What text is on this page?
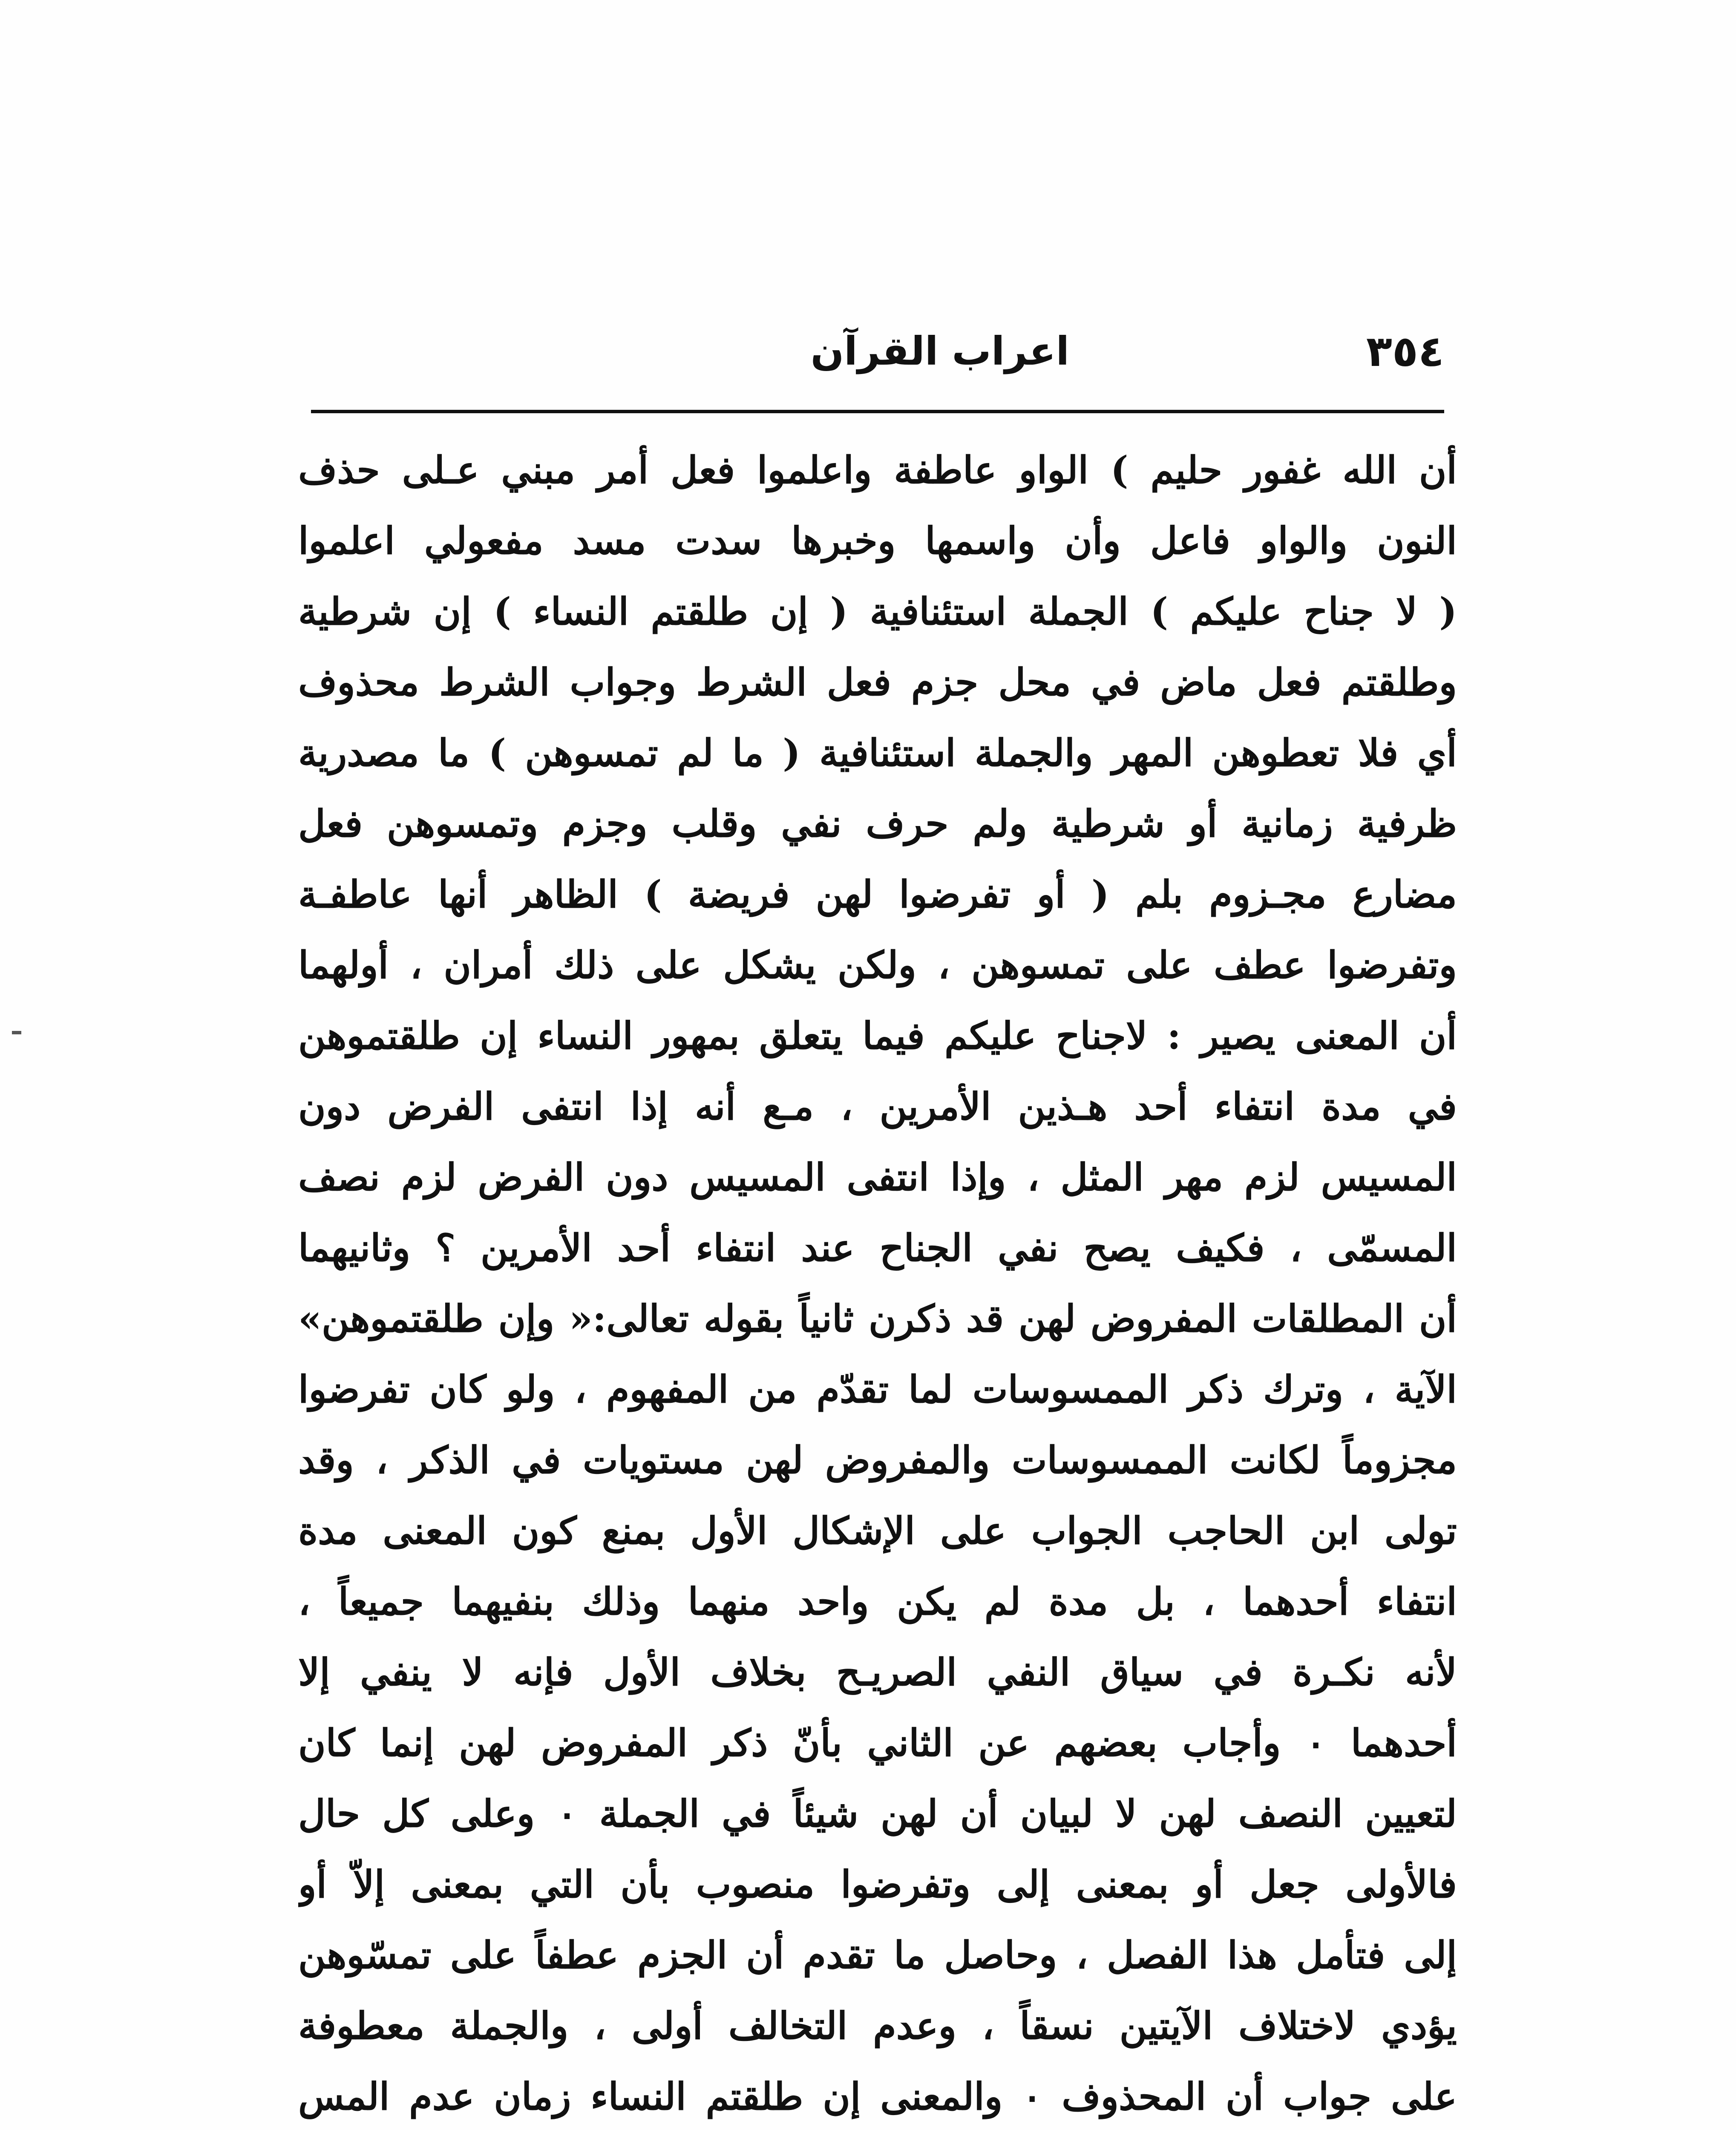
٣٥٤
اعراب القرآن
أن الله غفور حليم ) الواو عاطفة واعلموا فعل أمر مبني عـلى حذف
النون والواو فاعل وأن واسمها وخبرها سدت مسد مفعولي اعلموا
( لا جناح عليكم ) الجملة استئنافية ( إن طلقتم النساء ) إن شرطية
وطلقتم فعل ماض في محل جزم فعل الشرط وجواب الشرط محذوف
أي فلا تعطوهن المهر والجملة استئنافية ( ما لم تمسوهن ) ما مصدرية
ظرفية زمانية أو شرطية ولم حرف نفي وقلب وجزم وتمسوهن فعل
مضارع مجـزوم بلم ( أو تفرضوا لهن فريضة ) الظاهر أنها عاطفـة
وتفرضوا عطف على تمسوهن ، ولكن يشكل على ذلك أمران ، أولهما
أن المعنى يصير : لاجناح عليكم فيما يتعلق بمهور النساء إن طلقتموهن
في مدة انتفاء أحد هـذين الأمرين ، مـع أنه إذا انتفى الفرض دون
المسيس لزم مهر المثل ، وإذا انتفى المسيس دون الفرض لزم نصف
المسمّى ، فكيف يصح نفي الجناح عند انتفاء أحد الأمرين ؟ وثانيهما
أن المطلقات المفروض لهن قد ذكرن ثانياً بقوله تعالى:« وإن طلقتموهن»
الآية ، وترك ذكر الممسوسات لما تقدّم من المفهوم ، ولو كان تفرضوا
مجزوماً لكانت الممسوسات والمفروض لهن مستويات في الذكر ، وقد
تولى ابن الحاجب الجواب على الإشكال الأول بمنع كون المعنى مدة
انتفاء أحدهما ، بل مدة لم يكن واحد منهما وذلك بنفيهما جميعاً ،
لأنه نكـرة في سياق النفي الصريـح بخلاف الأول فإنه لا ينفي إلا
أحدهما ٠ وأجاب بعضهم عن الثاني بأنّ ذكر المفروض لهن إنما كان
لتعيين النصف لهن لا لبيان أن لهن شيئاً في الجملة ٠ وعلى كل حال
فالأولى جعل أو بمعنى إلى وتفرضوا منصوب بأن التي بمعنى إلاّ أو
إلى فتأمل هذا الفصل ، وحاصل ما تقدم أن الجزم عطفاً على تمسّوهن
يؤدي لاختلاف الآيتين نسقاً ، وعدم التخالف أولى ، والجملة معطوفة
على جواب أن المحذوف ٠ والمعنى إن طلقتم النساء زمان عدم المس
